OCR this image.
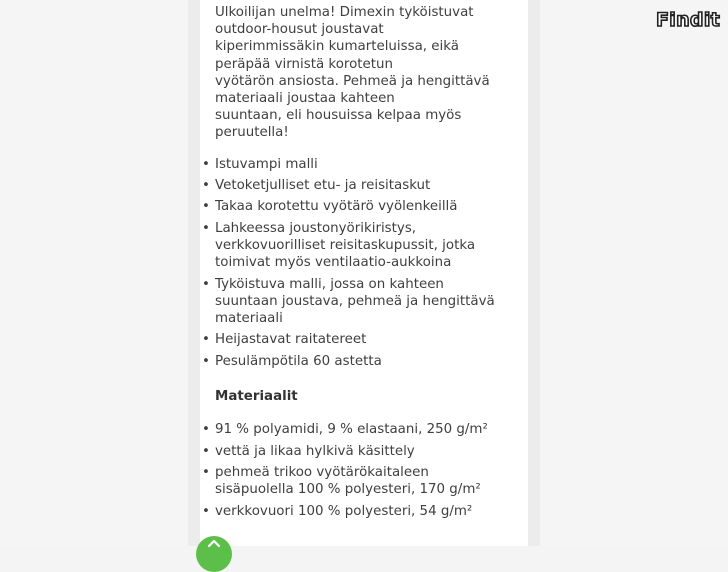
Findit

Ulkoilijan unelma! Dimexin tyköistuvat
outdoor-housut joustavat
kiperimmissäkin kumarteluissa, eikä
peräpää virnistä korotetun
vyötärön ansiosta. Pehmeä ja hengittävä
materiaali joustaa kahteen
suuntaan, eli housuissa kelpaa myös
peruutella!

• Istuvampi malli
• Vetoketjulliset etu- ja reisitaskut
• Takaa korotettu vyötärö vyölenkeillä
• Lahkeessa joustonyörikiristys,
verkkovuorilliset reisitaskupussit, jotka
toimivat myös ventilaatio-aukkoina
• Tyköistuva malli, jossa on kahteen
suuntaan joustava, pehmeä ja hengittävä
materiaali
• Heijastavat raitatereet
• Pesulämpötila 60 astetta
Materiaalit
• 91 % polyamidi, 9 % elastaani, 250 g/m²
• vettä ja likaa hylkivä käsittely
• pehmeä trikoo vyötärökaitaleen
sisäpuolella 100 % polyesteri, 170 g/m²
• verkkovuori 100 % polyesteri, 54 g/m²
